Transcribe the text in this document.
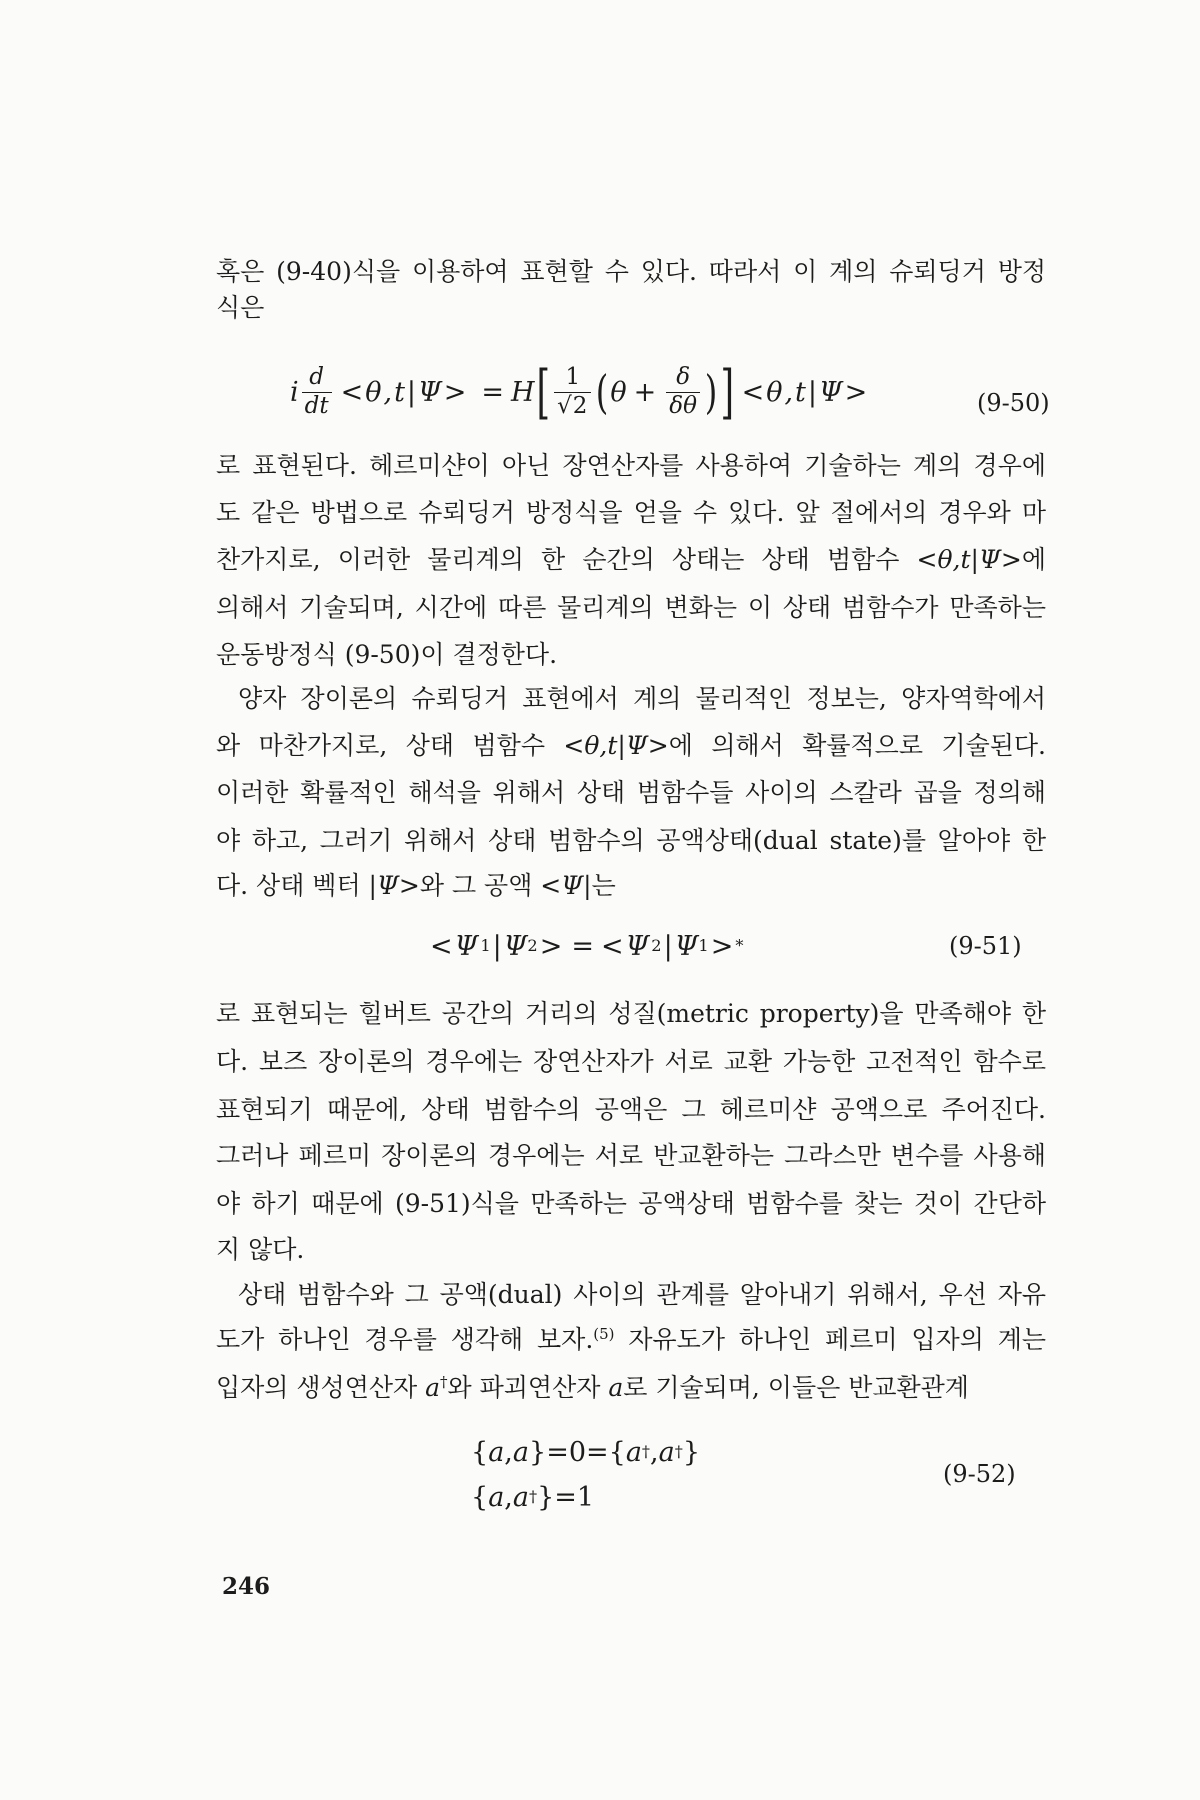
혹은 (9-40)식을 이용하여 표현할 수 있다. 따라서 이 계의 슈뢰딩거 방정
식은
i $\frac{d}{dt} <\theta,t|\Psi> = H$ [ $\frac{1}{√2}$ ( $\theta + \frac{\delta}{\delta\theta}$ ) ] <θ,t|Ψ>	(9-50)
로 표현된다. 헤르미샨이 아닌 장연산자를 사용하여 기술하는 계의 경우에
도 같은 방법으로 슈뢰딩거 방정식을 얻을 수 있다. 앞 절에서의 경우와 마
찬가지로, 이러한 물리계의 한 순간의 상태는 상태 범함수 <θ,t|Ψ>에
의해서 기술되며, 시간에 따른 물리계의 변화는 이 상태 범함수가 만족하는
운동방정식 (9-50)이 결정한다.
양자 장이론의 슈뢰딩거 표현에서 계의 물리적인 정보는, 양자역학에서
와 마찬가지로, 상태 범함수 <θ,t|Ψ>에 의해서 확률적으로 기술된다.
이러한 확률적인 해석을 위해서 상태 범함수들 사이의 스칼라 곱을 정의해
야 하고, 그러기 위해서 상태 범함수의 공액상태(dual state)를 알아야 한
다. 상태 벡터 |Ψ>와 그 공액 <Ψ|는
< Ψ 1 | Ψ 2 > = < Ψ 2 | Ψ 1 > *	(9-51)
로 표현되는 힐버트 공간의 거리의 성질(metric property)을 만족해야 한
다. 보즈 장이론의 경우에는 장연산자가 서로 교환 가능한 고전적인 함수로
표현되기 때문에, 상태 범함수의 공액은 그 헤르미샨 공액으로 주어진다.
그러나 페르미 장이론의 경우에는 서로 반교환하는 그라스만 변수를 사용해
야 하기 때문에 (9-51)식을 만족하는 공액상태 범함수를 찾는 것이 간단하
지 않다.
상태 범함수와 그 공액(dual) 사이의 관계를 알아내기 위해서, 우선 자유
도가 하나인 경우를 생각해 보자.$^{(5)}$ 자유도가 하나인 페르미 입자의 계는
입자의 생성연산자 a†와 파괴연산자 a로 기술되며, 이들은 반교환관계
{ a , a } = 0 = { a † , a † }
{ a , a † } = 1
(9-52)
246
